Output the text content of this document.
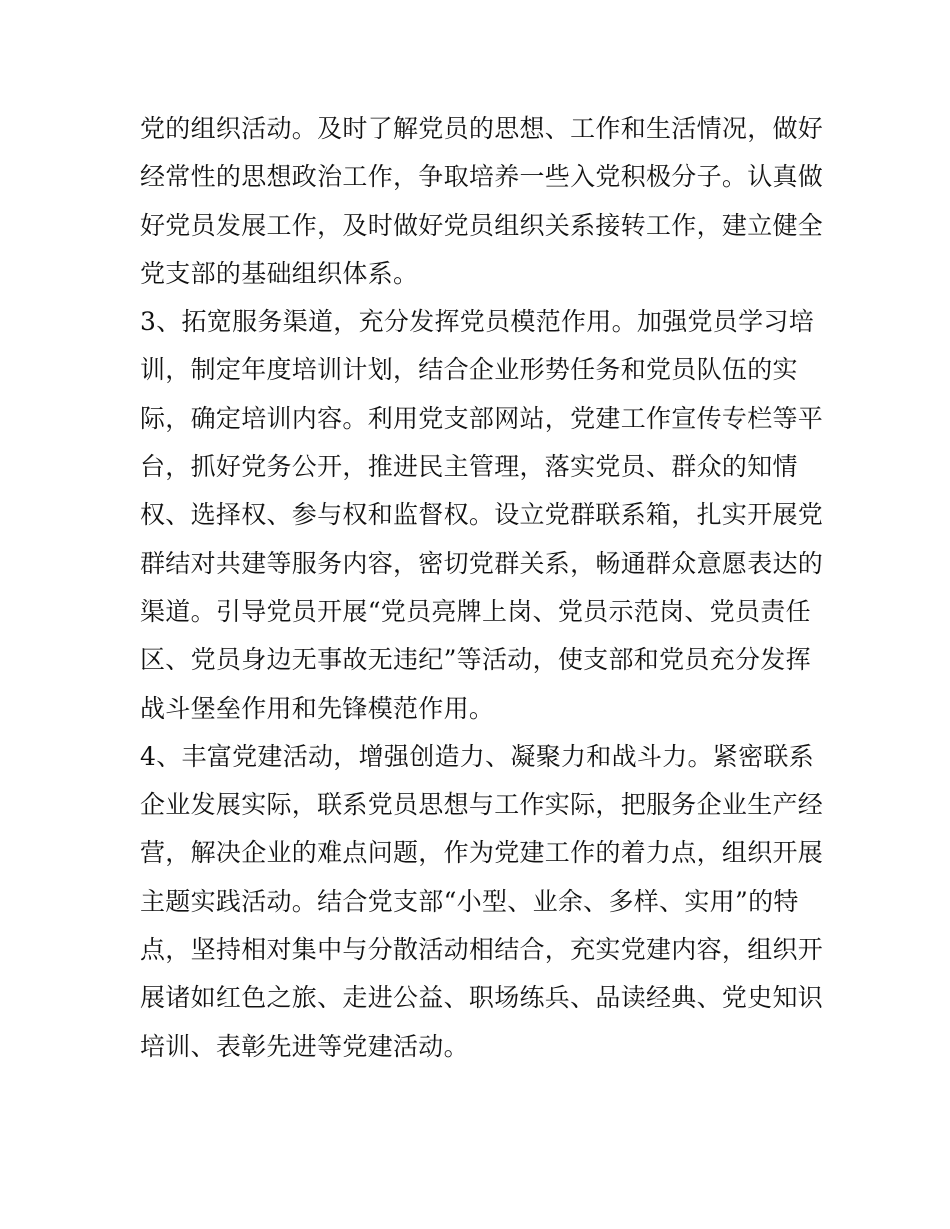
党的组织活动。及时了解党员的思想、工作和生活情况，做好
经常性的思想政治工作，争取培养一些入党积极分子。认真做
好党员发展工作，及时做好党员组织关系接转工作，建立健全
党支部的基础组织体系。
3、拓宽服务渠道，充分发挥党员模范作用。加强党员学习培
训，制定年度培训计划，结合企业形势任务和党员队伍的实
际，确定培训内容。利用党支部网站，党建工作宣传专栏等平
台，抓好党务公开，推进民主管理，落实党员、群众的知情
权、选择权、参与权和监督权。设立党群联系箱，扎实开展党
群结对共建等服务内容，密切党群关系，畅通群众意愿表达的
渠道。引导党员开展“党员亮牌上岗、党员示范岗、党员责任
区、党员身边无事故无违纪”等活动，使支部和党员充分发挥
战斗堡垒作用和先锋模范作用。
4、丰富党建活动，增强创造力、凝聚力和战斗力。紧密联系
企业发展实际，联系党员思想与工作实际，把服务企业生产经
营，解决企业的难点问题，作为党建工作的着力点，组织开展
主题实践活动。结合党支部“小型、业余、多样、实用”的特
点，坚持相对集中与分散活动相结合，充实党建内容，组织开
展诸如红色之旅、走进公益、职场练兵、品读经典、党史知识
培训、表彰先进等党建活动。
